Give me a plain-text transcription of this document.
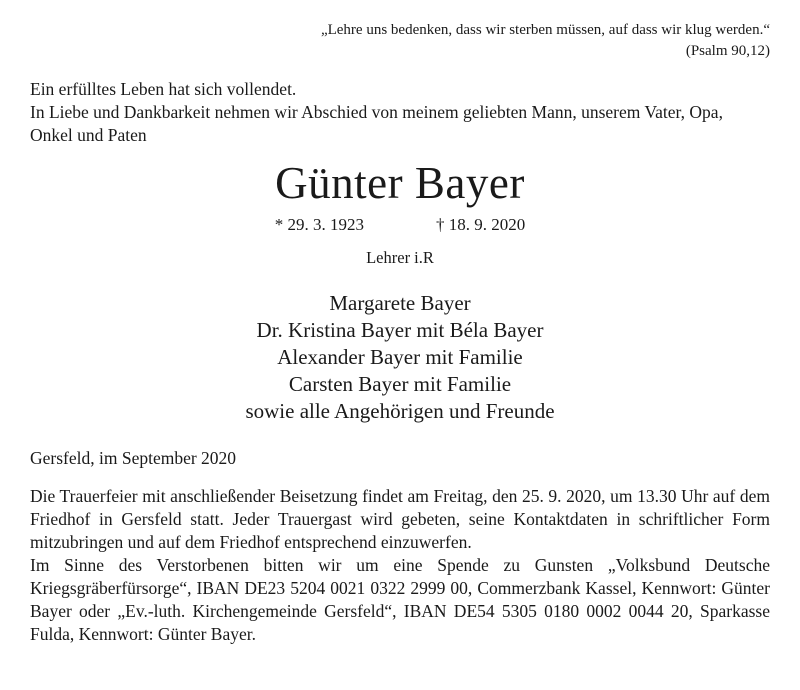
„Lehre uns bedenken, dass wir sterben müssen, auf dass wir klug werden.“
(Psalm 90,12)
Ein erfülltes Leben hat sich vollendet.
In Liebe und Dankbarkeit nehmen wir Abschied von meinem geliebten Mann, unserem Vater, Opa, Onkel und Paten
Günter Bayer
* 29. 3. 1923	† 18. 9. 2020
Lehrer i.R
Margarete Bayer
Dr. Kristina Bayer mit Béla Bayer
Alexander Bayer mit Familie
Carsten Bayer mit Familie
sowie alle Angehörigen und Freunde
Gersfeld, im September 2020

Die Trauerfeier mit anschließender Beisetzung findet am Freitag, den 25. 9. 2020, um 13.30 Uhr auf dem Friedhof in Gersfeld statt. Jeder Trauergast wird gebeten, seine Kontaktdaten in schriftlicher Form mitzubringen und auf dem Friedhof entsprechend einzuwerfen.

Im Sinne des Verstorbenen bitten wir um eine Spende zu Gunsten „Volksbund Deutsche Kriegsgräberfürsorge“, IBAN DE23 5204 0021 0322 2999 00, Commerzbank Kassel, Kennwort: Günter Bayer oder „Ev.-luth. Kirchengemeinde Gersfeld“, IBAN DE54 5305 0180 0002 0044 20, Sparkasse Fulda, Kennwort: Günter Bayer.
